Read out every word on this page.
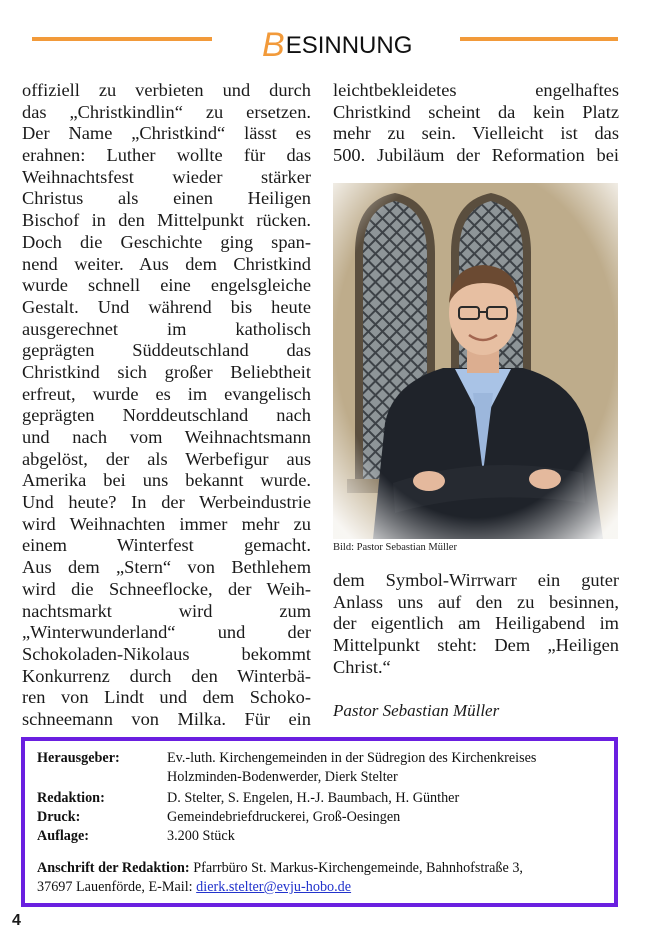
BESINNUNG
offiziell zu verbieten und durch
das „Christkindlin“ zu ersetzen.
Der Name „Christkind“ lässt es
erahnen: Luther wollte für das
Weihnachtsfest wieder stärker
Christus als einen Heiligen
Bischof in den Mittelpunkt rücken.
Doch die Geschichte ging span-
nend weiter. Aus dem Christkind
wurde schnell eine engelsgleiche
Gestalt. Und während bis heute
ausgerechnet im katholisch
geprägten Süddeutschland das
Christkind sich großer Beliebtheit
erfreut, wurde es im evangelisch
geprägten Norddeutschland nach
und nach vom Weihnachtsmann
abgelöst, der als Werbefigur aus
Amerika bei uns bekannt wurde.
Und heute? In der Werbeindustrie
wird Weihnachten immer mehr zu
einem Winterfest gemacht.
Aus dem „Stern“ von Bethlehem
wird die Schneeflocke, der Weih-
nachtsmarkt wird zum
„Winterwunderland“ und der
Schokoladen-Nikolaus bekommt
Konkurrenz durch den Winterbä-
ren von Lindt und dem Schoko-
schneemann von Milka. Für ein
leichtbekleidetes engelhaftes
Christkind scheint da kein Platz
mehr zu sein. Vielleicht ist das
500. Jubiläum der Reformation bei
Bild: Pastor Sebastian Müller
dem Symbol-Wirrwarr ein guter
Anlass uns auf den zu besinnen,
der eigentlich am Heiligabend im
Mittelpunkt steht: Dem „Heiligen
Christ.“
Pastor Sebastian Müller
Herausgeber:	Ev.-luth. Kirchengemeinden in der Südregion des Kirchenkreises
Holzminden-Bodenwerder, Dierk Stelter
Redaktion:	D. Stelter, S. Engelen, H.-J. Baumbach, H. Günther
Druck:	Gemeindebriefdruckerei, Groß-Oesingen
Auflage:	3.200 Stück
Anschrift der Redaktion: Pfarrbüro St. Markus-Kirchengemeinde, Bahnhofstraße 3,
37697 Lauenförde, E-Mail: dierk.stelter@evju-hobo.de
4
